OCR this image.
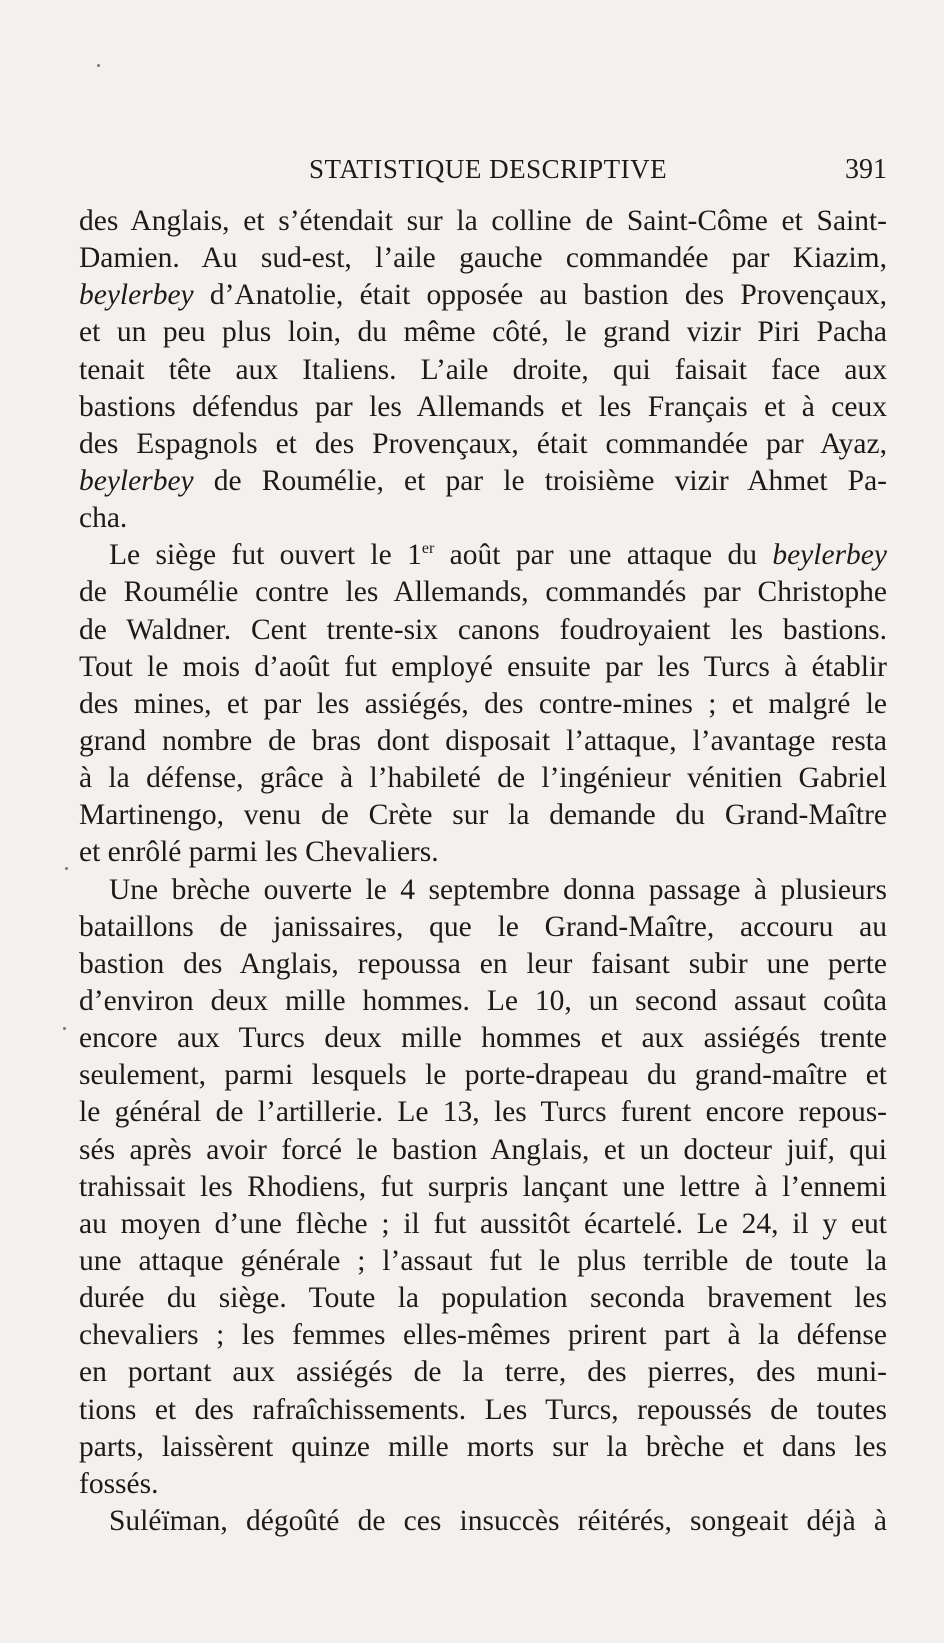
STATISTIQUE DESCRIPTIVE	391
des Anglais, et s’étendait sur la colline de Saint-Côme et Saint-
Damien. Au sud-est, l’aile gauche commandée par Kiazim,
beylerbey d’Anatolie, était opposée au bastion des Provençaux,
et un peu plus loin, du même côté, le grand vizir Piri Pacha
tenait tête aux Italiens. L’aile droite, qui faisait face aux
bastions défendus par les Allemands et les Français et à ceux
des Espagnols et des Provençaux, était commandée par Ayaz,
beylerbey de Roumélie, et par le troisième vizir Ahmet Pa-
cha.
Le siège fut ouvert le 1er août par une attaque du beylerbey
de Roumélie contre les Allemands, commandés par Christophe
de Waldner. Cent trente-six canons foudroyaient les bastions.
Tout le mois d’août fut employé ensuite par les Turcs à établir
des mines, et par les assiégés, des contre-mines ; et malgré le
grand nombre de bras dont disposait l’attaque, l’avantage resta
à la défense, grâce à l’habileté de l’ingénieur vénitien Gabriel
Martinengo, venu de Crète sur la demande du Grand-Maître
et enrôlé parmi les Chevaliers.
Une brèche ouverte le 4 septembre donna passage à plusieurs
bataillons de janissaires, que le Grand-Maître, accouru au
bastion des Anglais, repoussa en leur faisant subir une perte
d’environ deux mille hommes. Le 10, un second assaut coûta
encore aux Turcs deux mille hommes et aux assiégés trente
seulement, parmi lesquels le porte-drapeau du grand-maître et
le général de l’artillerie. Le 13, les Turcs furent encore repous-
sés après avoir forcé le bastion Anglais, et un docteur juif, qui
trahissait les Rhodiens, fut surpris lançant une lettre à l’ennemi
au moyen d’une flèche ; il fut aussitôt écartelé. Le 24, il y eut
une attaque générale ; l’assaut fut le plus terrible de toute la
durée du siège. Toute la population seconda bravement les
chevaliers ; les femmes elles-mêmes prirent part à la défense
en portant aux assiégés de la terre, des pierres, des muni-
tions et des rafraîchissements. Les Turcs, repoussés de toutes
parts, laissèrent quinze mille morts sur la brèche et dans les
fossés.
Suléïman, dégoûté de ces insuccès réitérés, songeait déjà à
